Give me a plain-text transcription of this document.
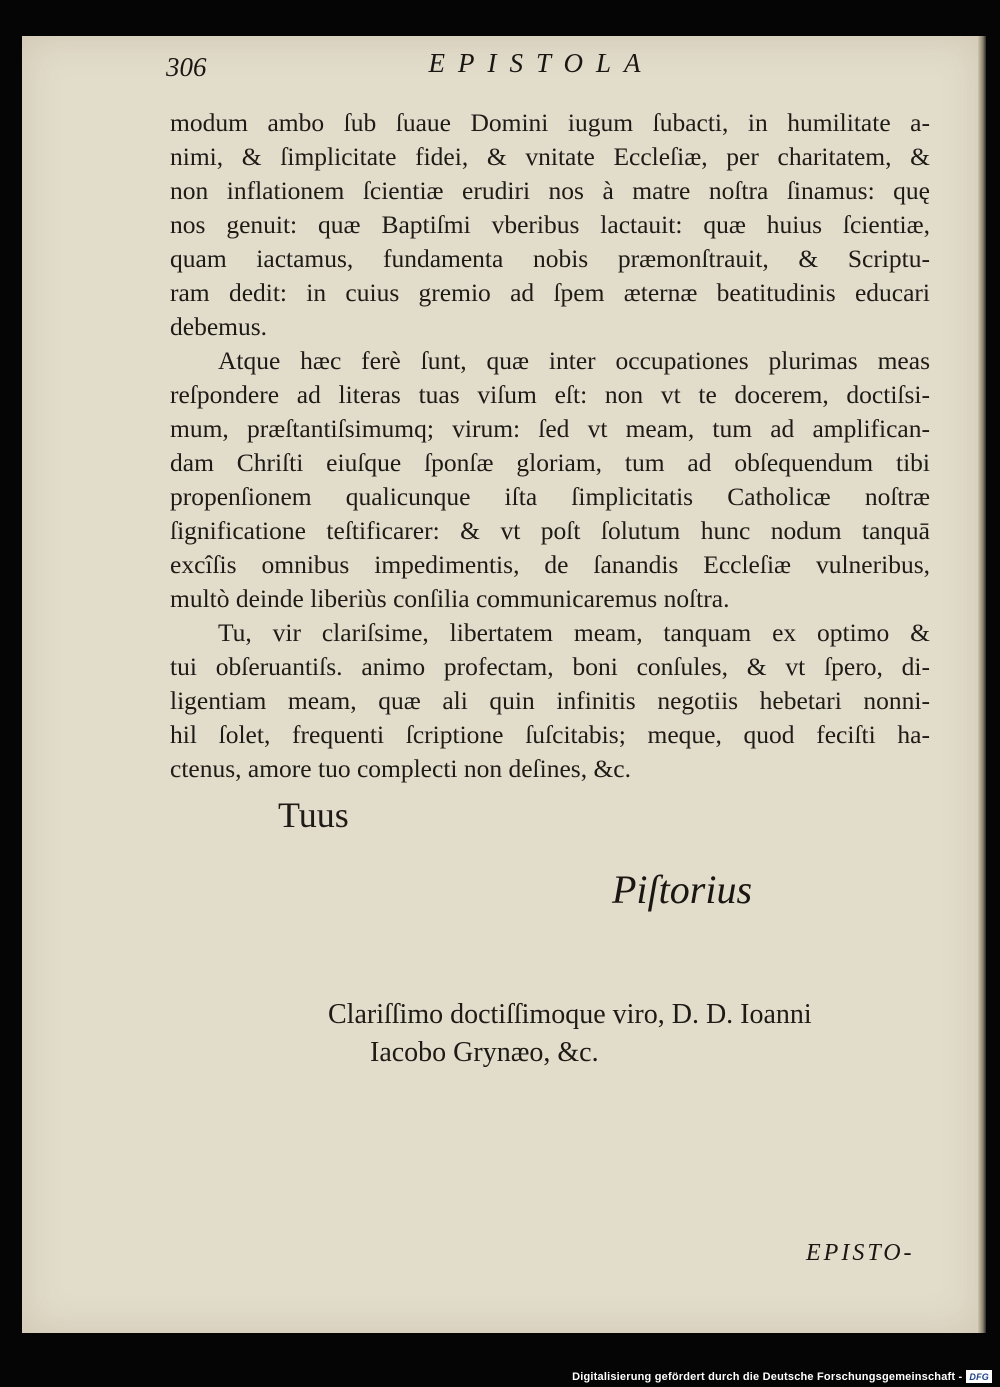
306	EPISTOLA
modum ambo ſub ſuaue Domini iugum ſubacti, in humilitate a-
nimi, & ſimplicitate fidei, & vnitate Eccleſiæ, per charitatem, &
non inflationem ſcientiæ erudiri nos à matre noſtra ſinamus: quę
nos genuit: quæ Baptiſmi vberibus lactauit: quæ huius ſcientiæ,
quam iactamus, fundamenta nobis præmonſtrauit, & Scriptu-
ram dedit: in cuius gremio ad ſpem æternæ beatitudinis educari
debemus.
Atque hæc ferè ſunt, quæ inter occupationes plurimas meas
reſpondere ad literas tuas viſum eſt: non vt te docerem, doctiſsi-
mum, præſtantiſsimumq; virum: ſed vt meam, tum ad amplifican-
dam Chriſti eiuſque ſponſæ gloriam, tum ad obſequendum tibi
propenſionem qualicunque iſta ſimplicitatis Catholicæ noſtræ
ſignificatione teſtificarer: & vt poſt ſolutum hunc nodum tanquā
excîſis omnibus impedimentis, de ſanandis Eccleſiæ vulneribus,
multò deinde liberiùs conſilia communicaremus noſtra.
Tu, vir clariſsime, libertatem meam, tanquam ex optimo &
tui obſeruantiſs. animo profectam, boni conſules, & vt ſpero, di-
ligentiam meam, quæ ali quin infinitis negotiis hebetari nonni-
hil ſolet, frequenti ſcriptione ſuſcitabis; meque, quod feciſti ha-
ctenus, amore tuo complecti non deſines, &c.
Tuus
Piſtorius
Clariſſimo doctiſſimoque viro, D. D. Ioanni
Iacobo Grynæo, &c.
EPISTO-
Digitalisierung gefördert durch die Deutsche Forschungsgemeinschaft - DFG
